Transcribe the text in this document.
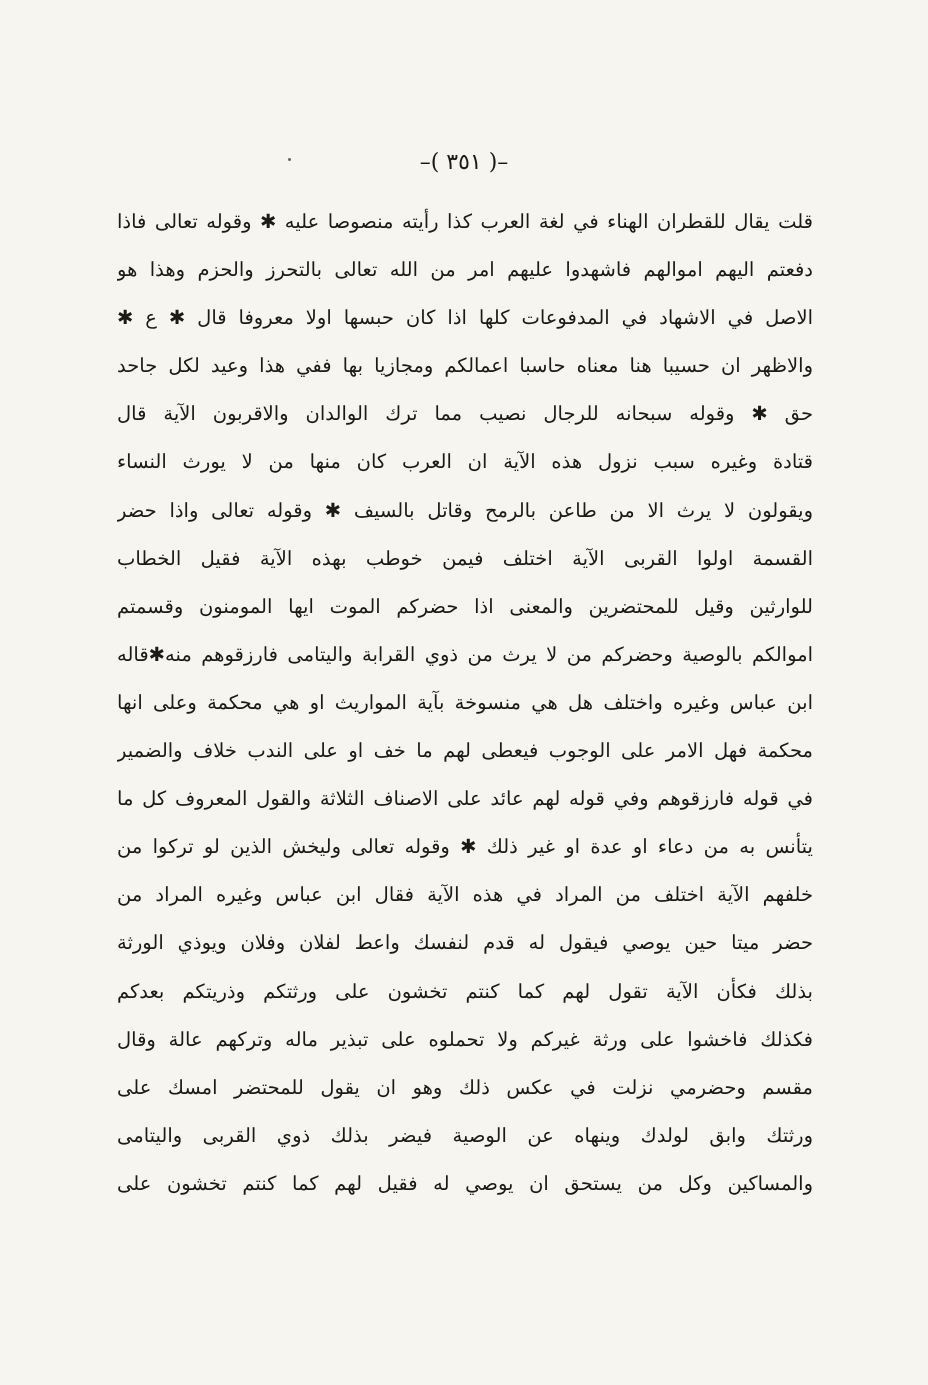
–( ٣٥١ )–
قلت يقال للقطران الهناء في لغة العرب كذا رأيته منصوصا عليه ✱ وقوله تعالى فاذا
دفعتم اليهم اموالهم فاشهدوا عليهم امر من الله تعالى بالتحرز والحزم وهذا هو
الاصل في الاشهاد في المدفوعات كلها اذا كان حبسها اولا معروفا قال ✱ ع ✱
والاظهر ان حسيبا هنا معناه حاسبا اعمالكم ومجازيا بها ففي هذا وعيد لكل جاحد
حق ✱ وقوله سبحانه للرجال نصيب مما ترك الوالدان والاقربون الآية قال
قتادة وغيره سبب نزول هذه الآية ان العرب كان منها من لا يورث النساء
ويقولون لا يرث الا من طاعن بالرمح وقاتل بالسيف ✱ وقوله تعالى واذا حضر
القسمة اولوا القربى الآية اختلف فيمن خوطب بهذه الآية فقيل الخطاب
للوارثين وقيل للمحتضرين والمعنى اذا حضركم الموت ايها المومنون وقسمتم
اموالكم بالوصية وحضركم من لا يرث من ذوي القرابة واليتامى فارزقوهم منه✱قاله
ابن عباس وغيره واختلف هل هي منسوخة بآية المواريث او هي محكمة وعلى انها
محكمة فهل الامر على الوجوب فيعطى لهم ما خف او على الندب خلاف والضمير
في قوله فارزقوهم وفي قوله لهم عائد على الاصناف الثلاثة والقول المعروف كل ما
يتأنس به من دعاء او عدة او غير ذلك ✱ وقوله تعالى وليخش الذين لو تركوا من
خلفهم الآية اختلف من المراد في هذه الآية فقال ابن عباس وغيره المراد من
حضر ميتا حين يوصي فيقول له قدم لنفسك واعط لفلان وفلان ويوذي الورثة
بذلك فكأن الآية تقول لهم كما كنتم تخشون على ورثتكم وذريتكم بعدكم
فكذلك فاخشوا على ورثة غيركم ولا تحملوه على تبذير ماله وتركهم عالة وقال
مقسم وحضرمي نزلت في عكس ذلك وهو ان يقول للمحتضر امسك على
ورثتك وابق لولدك وينهاه عن الوصية فيضر بذلك ذوي القربى واليتامى
والمساكين وكل من يستحق ان يوصي له فقيل لهم كما كنتم تخشون على
